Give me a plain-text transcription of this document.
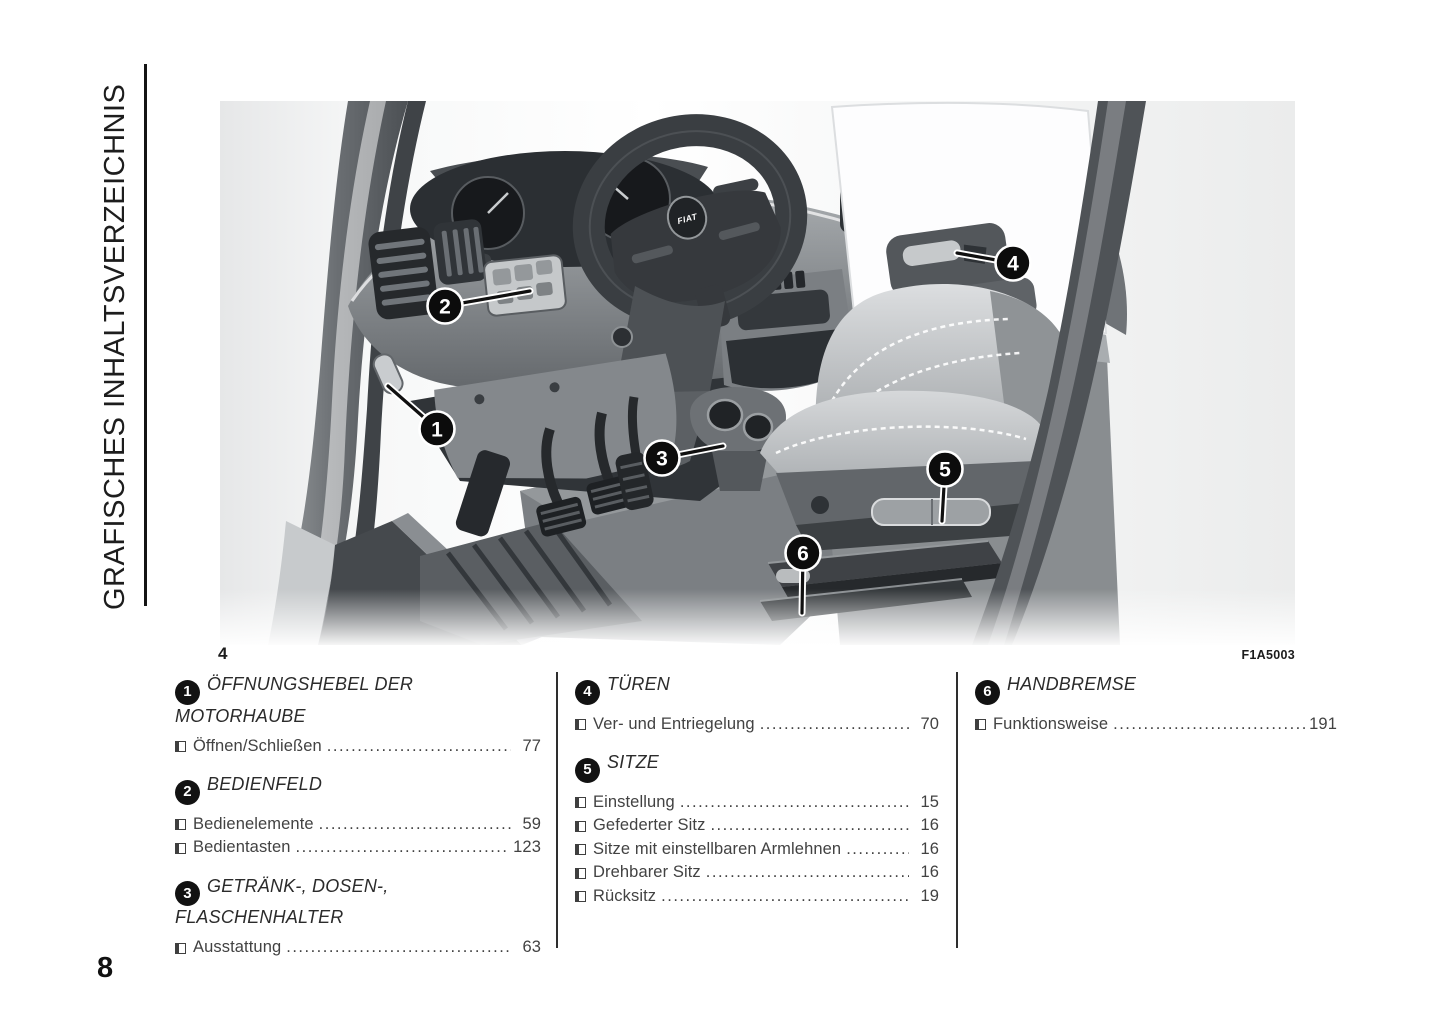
GRAFISCHES INHALTSVERZEICHNIS	FIAT
1
2
3
4
5
6
4	F1A5003
1 ÖFFNUNGSHEBEL DER MOTORHAUBE
Öffnen/Schließen .....	77
2 BEDIENFELD
Bedienelemente .....	59
Bedientasten .....	123
3 GETRÄNK-, DOSEN-, FLASCHENHALTER
Ausstattung .....	63
4 TÜREN
Ver- und Entriegelung .....	70
5 SITZE
Einstellung .....	15
Gefederter Sitz .....	16
Sitze mit einstellbaren Armlehnen .....	16
Drehbarer Sitz .....	16
Rücksitz .....	19
6 HANDBREMSE
Funktionsweise .....	191
8
